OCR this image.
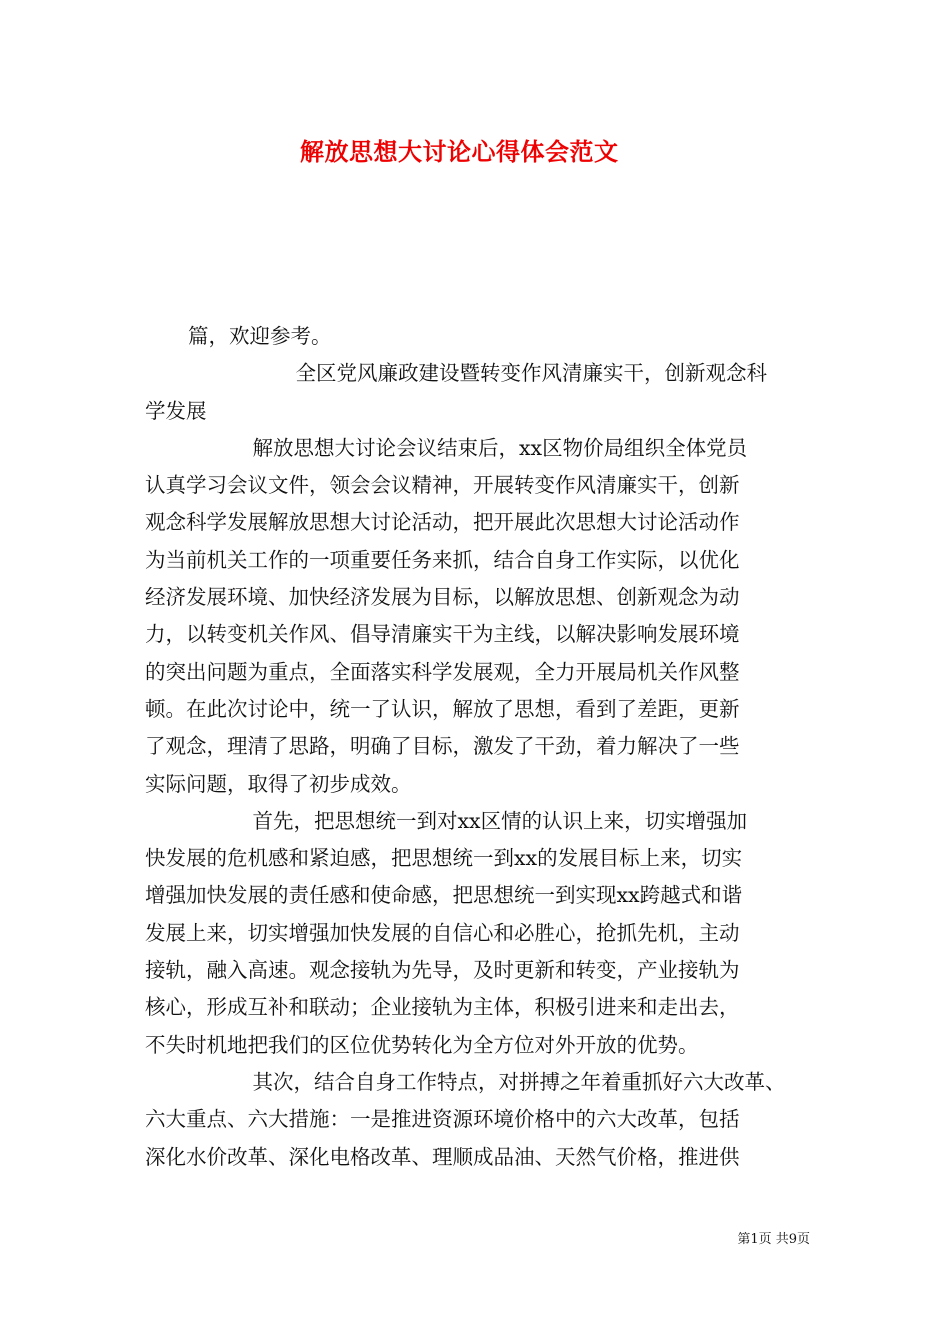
解放思想大讨论心得体会范文
篇，欢迎参考。
全区党风廉政建设暨转变作风清廉实干，创新观念科
学发展
解放思想大讨论会议结束后，xx区物价局组织全体党员
认真学习会议文件，领会会议精神，开展转变作风清廉实干，创新
观念科学发展解放思想大讨论活动，把开展此次思想大讨论活动作
为当前机关工作的一项重要任务来抓，结合自身工作实际，以优化
经济发展环境、加快经济发展为目标，以解放思想、创新观念为动
力，以转变机关作风、倡导清廉实干为主线，以解决影响发展环境
的突出问题为重点，全面落实科学发展观，全力开展局机关作风整
顿。在此次讨论中，统一了认识，解放了思想，看到了差距，更新
了观念，理清了思路，明确了目标，激发了干劲，着力解决了一些
实际问题，取得了初步成效。
首先，把思想统一到对xx区情的认识上来，切实增强加
快发展的危机感和紧迫感，把思想统一到xx的发展目标上来，切实
增强加快发展的责任感和使命感，把思想统一到实现xx跨越式和谐
发展上来，切实增强加快发展的自信心和必胜心，抢抓先机，主动
接轨，融入高速。观念接轨为先导，及时更新和转变，产业接轨为
核心，形成互补和联动；企业接轨为主体，积极引进来和走出去，
不失时机地把我们的区位优势转化为全方位对外开放的优势。
其次，结合自身工作特点，对拼搏之年着重抓好六大改革、
六大重点、六大措施：一是推进资源环境价格中的六大改革，包括
深化水价改革、深化电格改革、理顺成品油、天然气价格，推进供
第1页 共9页
